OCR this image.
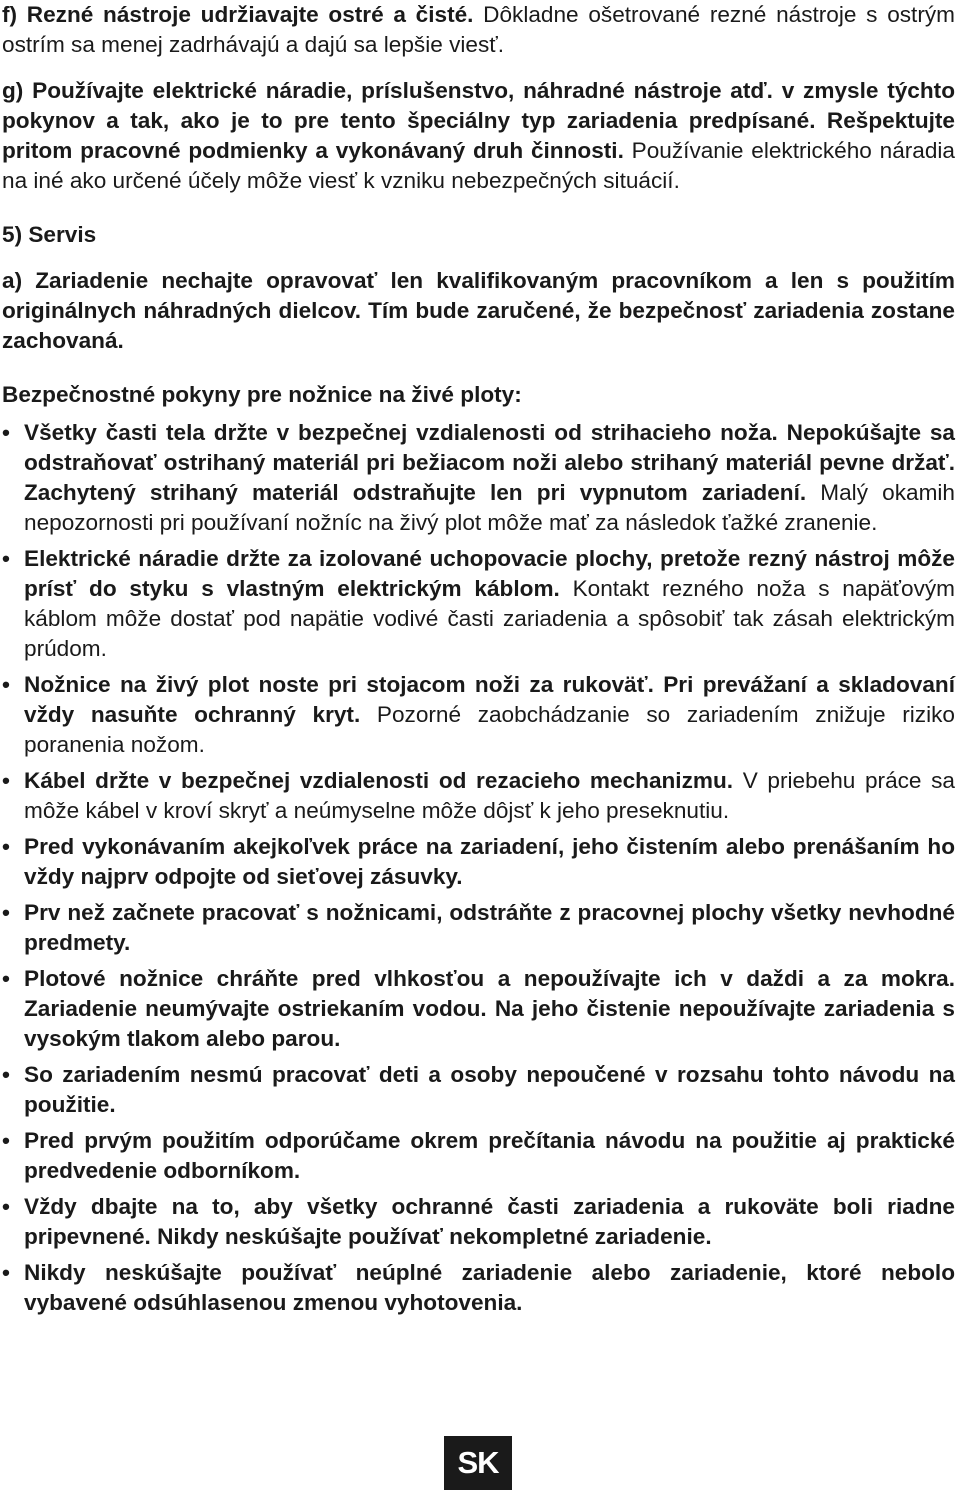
f) Rezné nástroje udržiavajte ostré a čisté. Dôkladne ošetrované rezné nástroje s ostrým ostrím sa menej zadrhávajú a dajú sa lepšie viesť.

g) Používajte elektrické náradie, príslušenstvo, náhradné nástroje atď. v zmysle týchto pokynov a tak, ako je to pre tento špeciálny typ zariadenia predpísané. Rešpektujte pritom pracovné podmienky a vykonávaný druh činnosti. Používanie elektrického náradia na iné ako určené účely môže viesť k vzniku nebezpečných situácií.

5) Servis

a) Zariadenie nechajte opravovať len kvalifikovaným pracovníkom a len s použitím originálnych náhradných dielcov. Tím bude zaručené, že bezpečnosť zariadenia zostane zachovaná.

Bezpečnostné pokyny pre nožnice na živé ploty:

• Všetky časti tela držte v bezpečnej vzdialenosti od strihacieho noža. Nepokúšajte sa odstraňovať ostrihaný materiál pri bežiacom noži alebo strihaný materiál pevne držať. Zachytený strihaný materiál odstraňujte len pri vypnutom zariadení. Malý okamih nepozornosti pri používaní nožníc na živý plot môže mať za následok ťažké zranenie.
• Elektrické náradie držte za izolované uchopovacie plochy, pretože rezný nástroj môže prísť do styku s vlastným elektrickým káblom. Kontakt rezného noža s napäťovým káblom môže dostať pod napätie vodivé časti zariadenia a spôsobiť tak zásah elektrickým prúdom.
• Nožnice na živý plot noste pri stojacom noži za rukoväť. Pri prevážaní a skladovaní vždy nasuňte ochranný kryt. Pozorné zaobchádzanie so zariadením znižuje riziko poranenia nožom.
• Kábel držte v bezpečnej vzdialenosti od rezacieho mechanizmu. V priebehu práce sa môže kábel v kroví skryť a neúmyselne môže dôjsť k jeho preseknutiu.
• Pred vykonávaním akejkoľvek práce na zariadení, jeho čistením alebo prenášaním ho vždy najprv odpojte od sieťovej zásuvky.
• Prv než začnete pracovať s nožnicami, odstráňte z pracovnej plochy všetky nevhodné predmety.
• Plotové nožnice chráňte pred vlhkosťou a nepoužívajte ich v daždi a za mokra. Zariadenie neumývajte ostriekaním vodou. Na jeho čistenie nepoužívajte zariadenia s vysokým tlakom alebo parou.
• So zariadením nesmú pracovať deti a osoby nepoučené v rozsahu tohto návodu na použitie.
• Pred prvým použitím odporúčame okrem prečítania návodu na použitie aj praktické predvedenie odborníkom.
• Vždy dbajte na to, aby všetky ochranné časti zariadenia a rukoväte boli riadne pripevnené. Nikdy neskúšajte používať nekompletné zariadenie.
• Nikdy neskúšajte používať neúplné zariadenie alebo zariadenie, ktoré nebolo vybavené odsúhlasenou zmenou vyhotovenia.
SK
